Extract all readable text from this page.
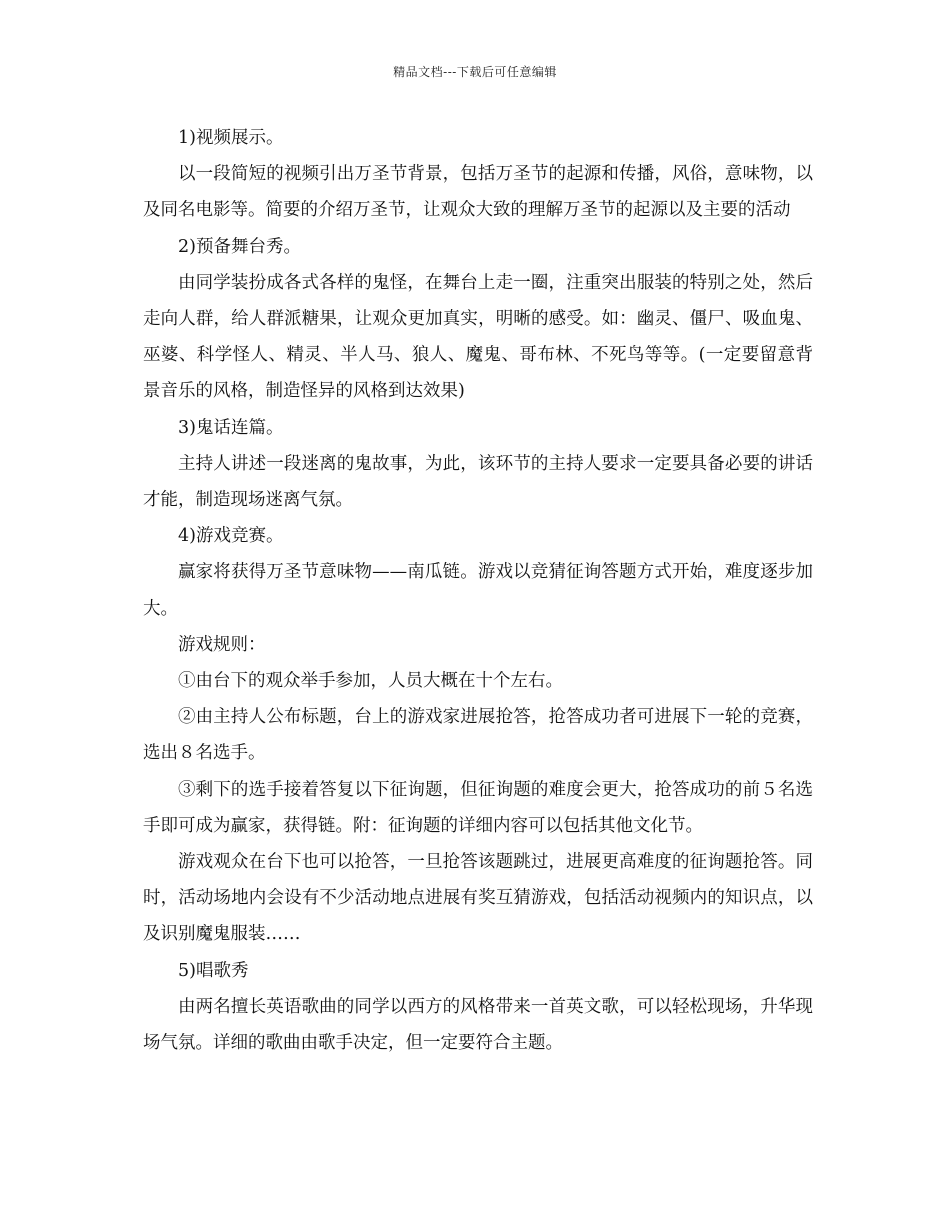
精品文档---下载后可任意编辑

1)视频展示。

以一段简短的视频引出万圣节背景，包括万圣节的起源和传播，风俗，意味物，以及同名电影等。简要的介绍万圣节，让观众大致的理解万圣节的起源以及主要的活动

2)预备舞台秀。

由同学装扮成各式各样的鬼怪，在舞台上走一圈，注重突出服装的特别之处，然后走向人群，给人群派糖果，让观众更加真实，明晰的感受。如：幽灵、僵尸、吸血鬼、巫婆、科学怪人、精灵、半人马、狼人、魔鬼、哥布林、不死鸟等等。(一定要留意背景音乐的风格，制造怪异的风格到达效果)

3)鬼话连篇。

主持人讲述一段迷离的鬼故事，为此，该环节的主持人要求一定要具备必要的讲话才能，制造现场迷离气氛。

4)游戏竞赛。

赢家将获得万圣节意味物——南瓜链。游戏以竞猜征询答题方式开始，难度逐步加大。

游戏规则：

①由台下的观众举手参加，人员大概在十个左右。

②由主持人公布标题，台上的游戏家进展抢答，抢答成功者可进展下一轮的竞赛，选出８名选手。

③剩下的选手接着答复以下征询题，但征询题的难度会更大，抢答成功的前５名选手即可成为赢家，获得链。附：征询题的详细内容可以包括其他文化节。

游戏观众在台下也可以抢答，一旦抢答该题跳过，进展更高难度的征询题抢答。同时，活动场地内会设有不少活动地点进展有奖互猜游戏，包括活动视频内的知识点，以及识别魔鬼服装……

5)唱歌秀

由两名擅长英语歌曲的同学以西方的风格带来一首英文歌，可以轻松现场，升华现场气氛。详细的歌曲由歌手决定，但一定要符合主题。
